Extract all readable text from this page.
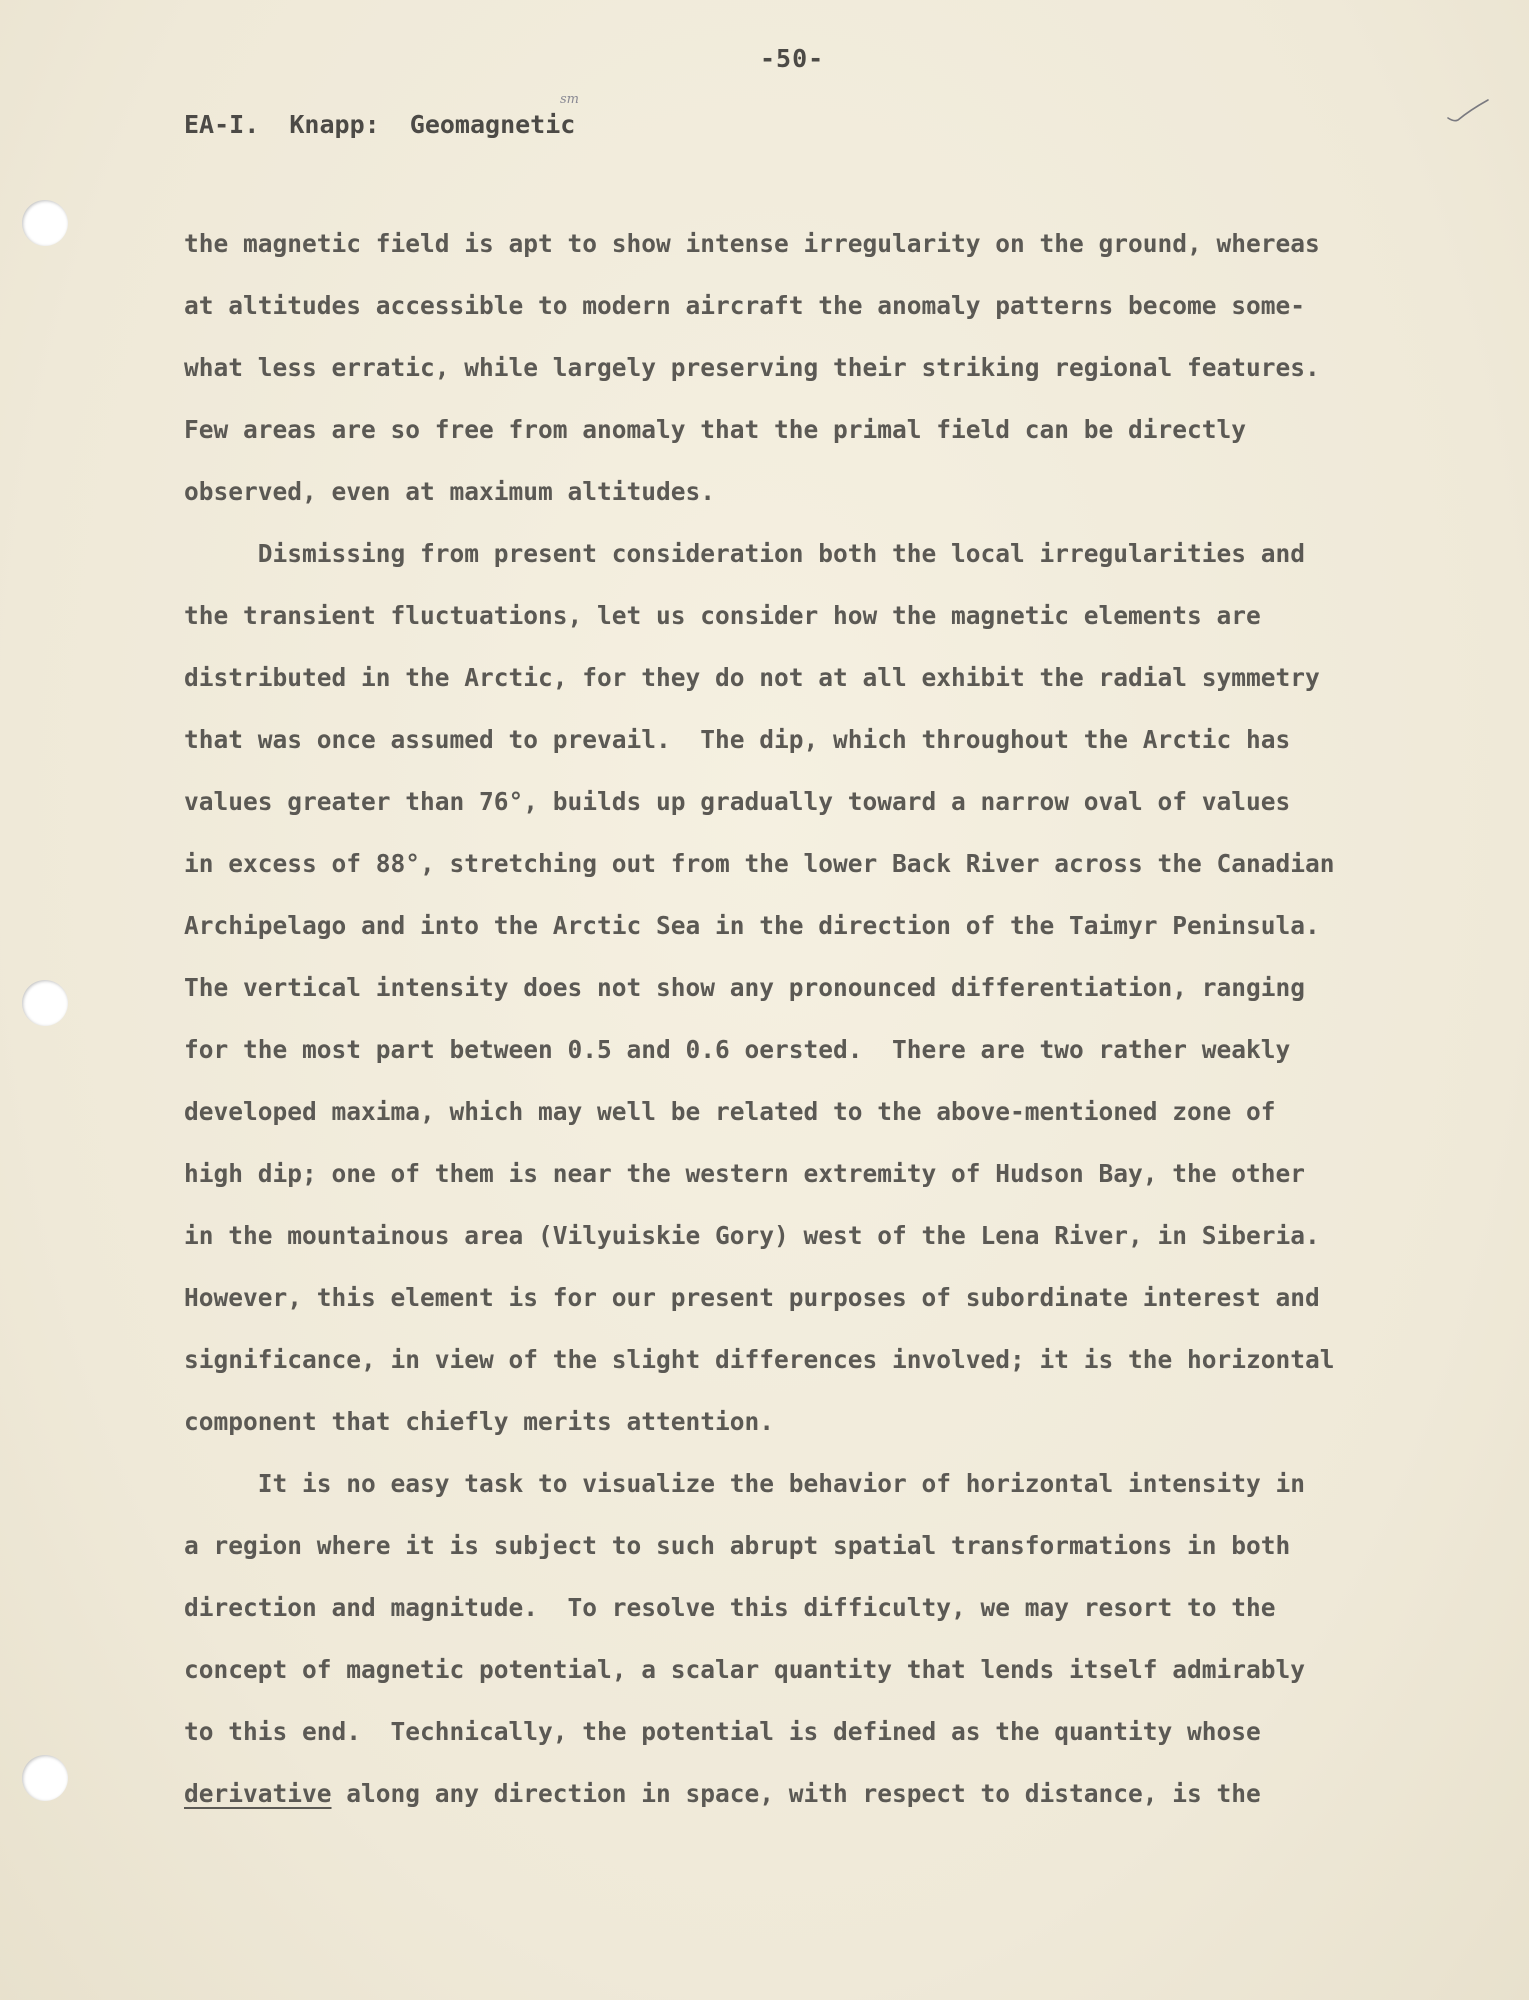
-50-
EA-I.  Knapp:  Geomagnetic
sm
the magnetic field is apt to show intense irregularity on the ground, whereas
at altitudes accessible to modern aircraft the anomaly patterns become some-
what less erratic, while largely preserving their striking regional features.
Few areas are so free from anomaly that the primal field can be directly
observed, even at maximum altitudes.
Dismissing from present consideration both the local irregularities and
the transient fluctuations, let us consider how the magnetic elements are
distributed in the Arctic, for they do not at all exhibit the radial symmetry
that was once assumed to prevail.  The dip, which throughout the Arctic has
values greater than 76°, builds up gradually toward a narrow oval of values
in excess of 88°, stretching out from the lower Back River across the Canadian
Archipelago and into the Arctic Sea in the direction of the Taimyr Peninsula.
The vertical intensity does not show any pronounced differentiation, ranging
for the most part between 0.5 and 0.6 oersted.  There are two rather weakly
developed maxima, which may well be related to the above-mentioned zone of
high dip; one of them is near the western extremity of Hudson Bay, the other
in the mountainous area (Vilyuiskie Gory) west of the Lena River, in Siberia.
However, this element is for our present purposes of subordinate interest and
significance, in view of the slight differences involved; it is the horizontal
component that chiefly merits attention.
It is no easy task to visualize the behavior of horizontal intensity in
a region where it is subject to such abrupt spatial transformations in both
direction and magnitude.  To resolve this difficulty, we may resort to the
concept of magnetic potential, a scalar quantity that lends itself admirably
to this end.  Technically, the potential is defined as the quantity whose
derivative along any direction in space, with respect to distance, is the
